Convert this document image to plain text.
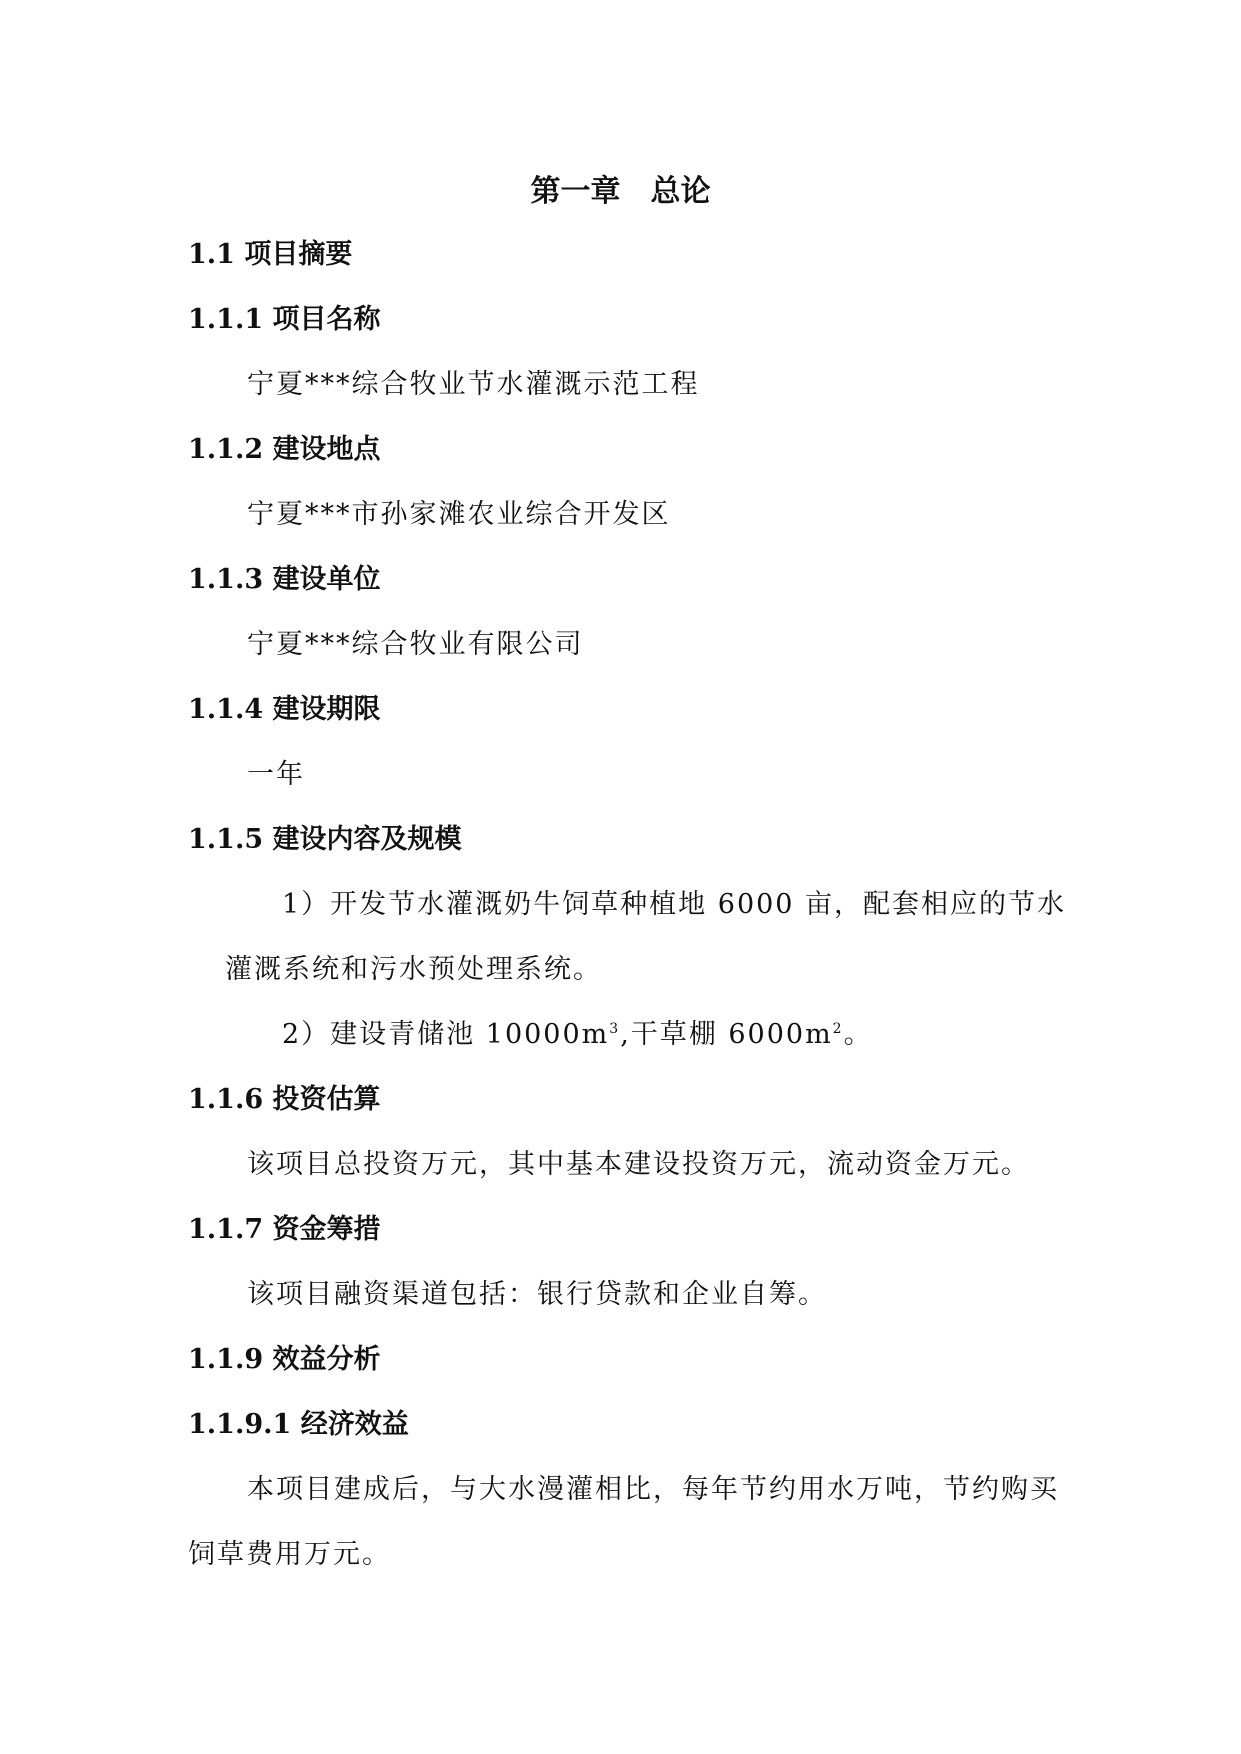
第一章　总论
1.1 项目摘要
1.1.1 项目名称
宁夏***综合牧业节水灌溉示范工程
1.1.2 建设地点
宁夏***市孙家滩农业综合开发区
1.1.3 建设单位
宁夏***综合牧业有限公司
1.1.4 建设期限
一年
1.1.5 建设内容及规模
1）开发节水灌溉奶牛饲草种植地 6000 亩，配套相应的节水
灌溉系统和污水预处理系统。
2）建设青储池 $10000m^3$,干草棚 $6000m^2$。
1.1.6 投资估算
该项目总投资万元，其中基本建设投资万元，流动资金万元。
1.1.7 资金筹措
该项目融资渠道包括：银行贷款和企业自筹。
1.1.9 效益分析
1.1.9.1 经济效益
本项目建成后，与大水漫灌相比，每年节约用水万吨，节约购买
饲草费用万元。
